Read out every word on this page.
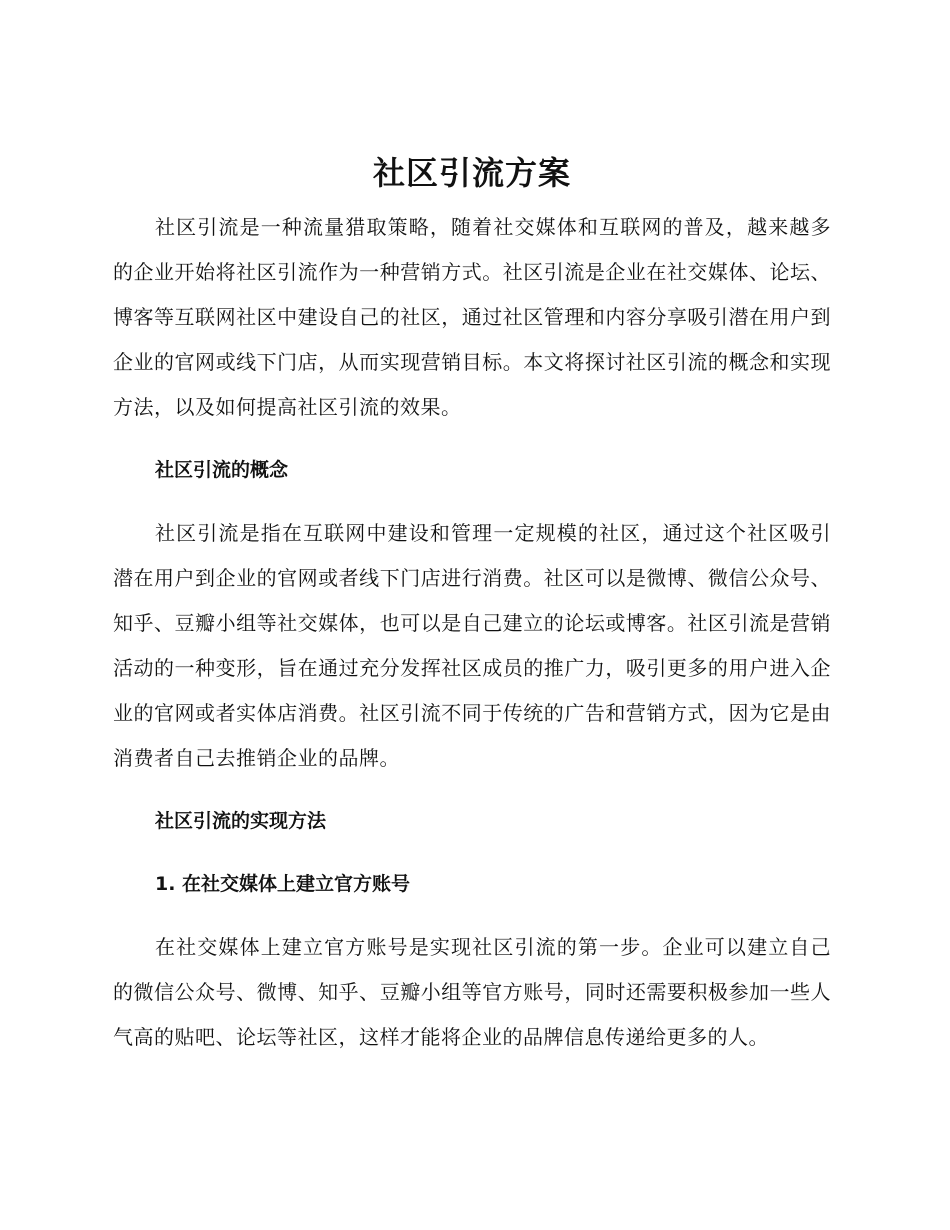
社区引流方案

社区引流是一种流量猎取策略，随着社交媒体和互联网的普及，越来越多的企业开始将社区引流作为一种营销方式。社区引流是企业在社交媒体、论坛、博客等互联网社区中建设自己的社区，通过社区管理和内容分享吸引潜在用户到企业的官网或线下门店，从而实现营销目标。本文将探讨社区引流的概念和实现方法，以及如何提高社区引流的效果。

社区引流的概念

社区引流是指在互联网中建设和管理一定规模的社区，通过这个社区吸引潜在用户到企业的官网或者线下门店进行消费。社区可以是微博、微信公众号、知乎、豆瓣小组等社交媒体，也可以是自己建立的论坛或博客。社区引流是营销活动的一种变形，旨在通过充分发挥社区成员的推广力，吸引更多的用户进入企业的官网或者实体店消费。社区引流不同于传统的广告和营销方式，因为它是由消费者自己去推销企业的品牌。

社区引流的实现方法
1. 在社交媒体上建立官方账号

在社交媒体上建立官方账号是实现社区引流的第一步。企业可以建立自己的微信公众号、微博、知乎、豆瓣小组等官方账号，同时还需要积极参加一些人气高的贴吧、论坛等社区，这样才能将企业的品牌信息传递给更多的人。
